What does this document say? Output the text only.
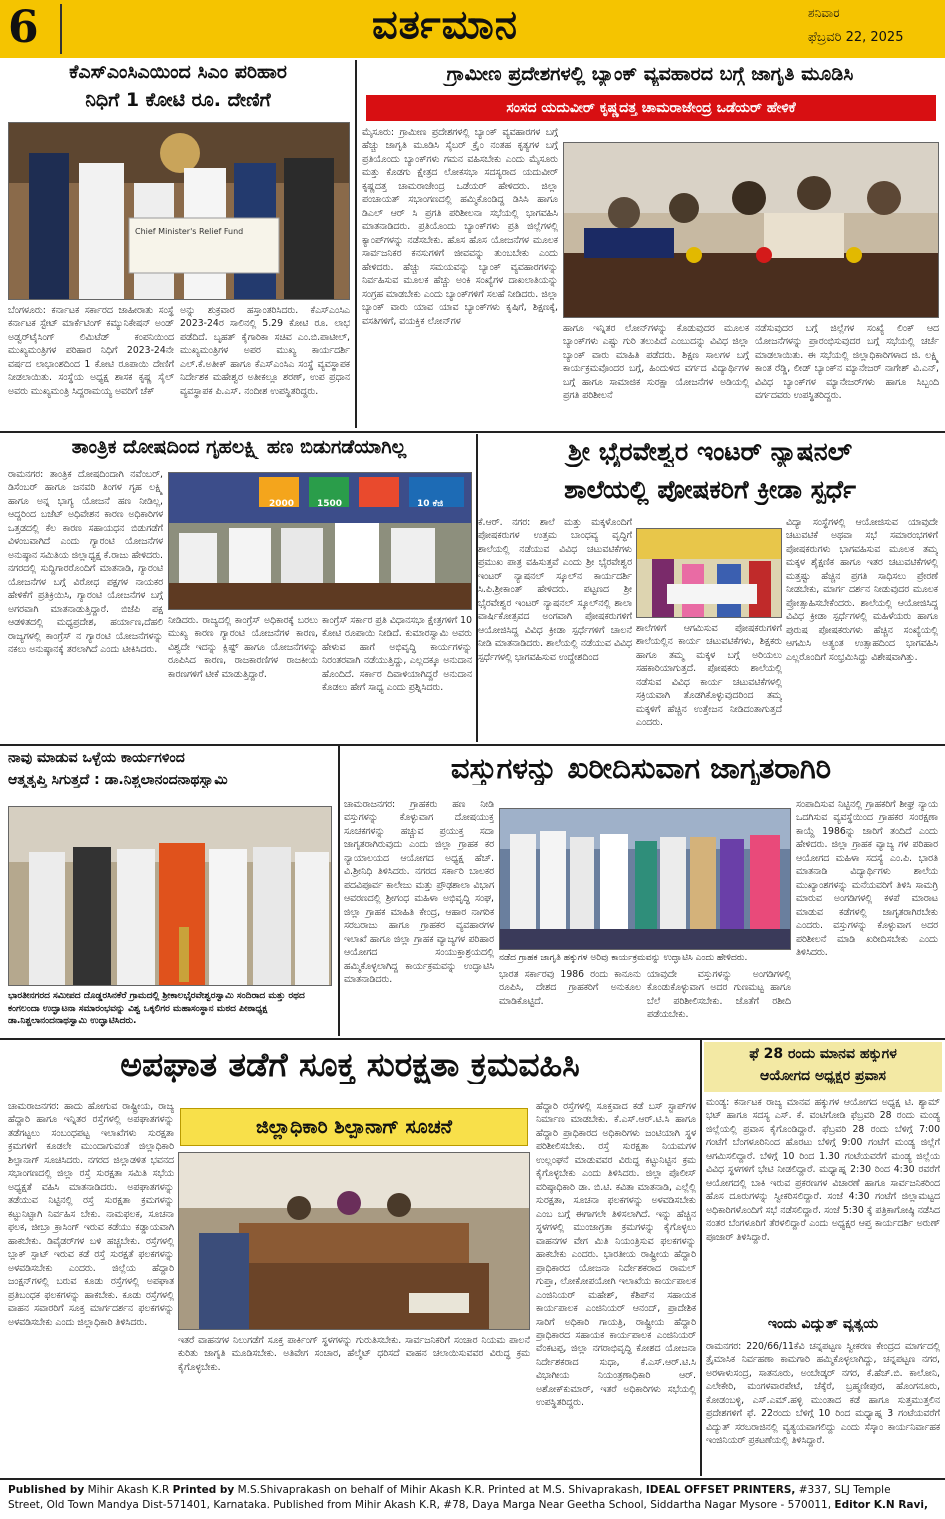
6	ವರ್ತಮಾನ	ಶನಿವಾರ
ಫೆಬ್ರವರಿ 22, 2025
ಕೆಎಸ್‌ಎಂಸಿಎಯಿಂದ ಸಿಎಂ ಪರಿಹಾರ
ನಿಧಿಗೆ 1 ಕೋಟಿ ರೂ. ದೇಣಿಗೆ
Chief Minister's Relief Fund
ಬೆಂಗಳೂರು: ಕರ್ನಾಟಕ ಸರ್ಕಾರದ ಜಾಹೀರಾತು ಸಂಸ್ಥೆ ಕರ್ನಾಟಕ ಸ್ಟೇಟ್ ಮಾರ್ಕೆಟಿಂಗ್ ಕಮ್ಯುನಿಕೇಷನ್ ಅಂಡ್ ಅಡ್ವರ್‌ಟೈಸಿಂಗ್ ಲಿಮಿಟೆಡ್ ಕಂಪನಿಯಿಂದ ಮುಖ್ಯಮಂತ್ರಿಗಳ ಪರಿಹಾರ ನಿಧಿಗೆ 2023-24ನೇ ವರ್ಷದ ಲಾಭಾಂಶದಿಂದ 1 ಕೋಟಿ ರೂಪಾಯಿ ದೇಣಿಗೆ ನೀಡಲಾಯಿತು. ಸಂಸ್ಥೆಯ ಅಧ್ಯಕ್ಷ ಶಾಸಕ ಕೃಷ್ಣ ಸೈಲ್ ಅವರು ಮುಖ್ಯಮಂತ್ರಿ ಸಿದ್ದರಾಮಯ್ಯ ಅವರಿಗೆ ಚೆಕ್
ಅನ್ನು ಶುಕ್ರವಾರ ಹಸ್ತಾಂತರಿಸಿದರು. ಕೆಎಸ್‌ಎಂಸಿಎ 2023-24ರ ಸಾಲಿನಲ್ಲಿ 5.29 ಕೋಟಿ ರೂ. ಲಾಭ ಪಡೆದಿದೆ. ಬೃಹತ್ ಕೈಗಾರಿಕಾ ಸಚಿವ ಎಂ.ಬಿ.ಪಾಟೀಲ್, ಮುಖ್ಯಮಂತ್ರಿಗಳ ಅಪರ ಮುಖ್ಯ ಕಾರ್ಯದರ್ಶಿ ಎಲ್.ಕೆ.ಅತೀಕ್ ಹಾಗೂ ಕೆಎಸ್‌ಎಂಸಿಎ ಸಂಸ್ಥೆ ವ್ಯವಸ್ಥಾಪಕ ನಿರ್ದೇಶಕ ಮಹೇಶ್ವರ ಅತೀಕಲ್ಲೂ ಶರಣ್, ಉಪ ಪ್ರಧಾನ ವ್ಯವಸ್ಥಾಪಕ ಪಿ.ಎಸ್. ನಂದೀಶ ಉಪಸ್ಥಿತರಿದ್ದರು.
ಗ್ರಾಮೀಣ ಪ್ರದೇಶಗಳಲ್ಲಿ ಬ್ಯಾಂಕ್ ವ್ಯವಹಾರದ ಬಗ್ಗೆ ಜಾಗೃತಿ ಮೂಡಿಸಿ
ಸಂಸದ ಯದುವೀರ್ ಕೃಷ್ಣದತ್ತ ಚಾಮರಾಜೇಂದ್ರ ಒಡೆಯರ್ ಹೇಳಿಕೆ
ಮೈಸೂರು: ಗ್ರಾಮೀಣ ಪ್ರದೇಶಗಳಲ್ಲಿ ಬ್ಯಾಂಕ್ ವ್ಯವಹಾರಗಳ ಬಗ್ಗೆ ಹೆಚ್ಚು ಜಾಗೃತಿ ಮೂಡಿಸಿ ಸೈಬರ್ ಕ್ರೈಂ ನಂತಹ ಕೃತ್ಯಗಳ ಬಗ್ಗೆ ಪ್ರತಿಯೊಂದು ಬ್ಯಾಂಕ್‌ಗಳು ಗಮನ ವಹಿಸಬೇಕು ಎಂದು ಮೈಸೂರು ಮತ್ತು ಕೊಡಗು ಕ್ಷೇತ್ರದ ಲೋಕಸಭಾ ಸದಸ್ಯರಾದ ಯದುವೀರ್ ಕೃಷ್ಣದತ್ತ ಚಾಮರಾಜೇಂದ್ರ ಒಡೆಯರ್ ಹೇಳಿದರು. ಜಿಲ್ಲಾ ಪಂಚಾಯತ್ ಸಭಾಂಗಣದಲ್ಲಿ ಹಮ್ಮಿಕೊಂಡಿದ್ದ ಡಿಸಿಸಿ ಹಾಗೂ ಡಿಎಲ್ ಆರ್ ಸಿ ಪ್ರಗತಿ ಪರಿಶೀಲನಾ ಸಭೆಯಲ್ಲಿ ಭಾಗವಹಿಸಿ ಮಾತನಾಡಿದರು. ಪ್ರತಿಯೊಂದು ಬ್ಯಾಂಕ್‌ಗಳು ಪ್ರತಿ ಜಿಲ್ಲೆಗಳಲ್ಲಿ ಕ್ಯಾಂಪ್‌ಗಳನ್ನು ನಡೆಸಬೇಕು. ಹೊಸ ಹೊಸ ಯೋಜನೆಗಳ ಮೂಲಕ ಸಾರ್ವಜನಿಕರ ಕನಸುಗಳಿಗೆ ಜೀವವನ್ನು ತುಂಬಬೇಕು ಎಂದು ಹೇಳಿದರು. ಹೆಚ್ಚು ಸಮಯವನ್ನು ಬ್ಯಾಂಕ್ ವ್ಯವಹಾರಗಳನ್ನು ನಿರ್ವಹಿಸುವ ಮೂಲಕ ಹೆಚ್ಚು ಅಂಕಿ ಸಂಖ್ಯೆಗಳ ದಾಖಲಾತಿಯನ್ನು ಸಂಗ್ರಹ ಮಾಡಬೇಕು ಎಂದು ಬ್ಯಾಂಕ್‌ಗಳಿಗೆ ಸಲಹೆ ನೀಡಿದರು. ಜಿಲ್ಲಾ ಬ್ಯಾಂಕ್ ವಾರು ಯಾವ ಯಾವ ಬ್ಯಾಂಕ್‌ಗಳು ಕೃಷಿಗೆ, ಶಿಕ್ಷಣಕ್ಕೆ, ವಸತಿಗಳಿಗೆ, ವಯಕ್ತಿಕ ಲೋನ್‌ಗಳ
ಹಾಗೂ ಇನ್ನಿತರ ಲೋನ್‌ಗಳನ್ನು ಕೊಡುವುದರ ಮೂಲಕ ಬ್ಯಾಂಕ್‌ಗಳು ಎಷ್ಟು ಗುರಿ ತಲುಪಿದೆ ಎಂಬುದನ್ನು ವಿವಿಧ ಜಿಲ್ಲಾ ಬ್ಯಾಂಕ್ ವಾರು ಮಾಹಿತಿ ಪಡೆದರು. ಶಿಕ್ಷಣ ಸಾಲಗಳ ಬಗ್ಗೆ ಕಾರ್ಯಕ್ರಮವೊಂದರ ಬಗ್ಗೆ, ಹಿಂದುಳಿದ ವರ್ಗದ ವಿದ್ಯಾರ್ಥಿಗಳ ಬಗ್ಗೆ ಹಾಗೂ ಸಾಮಾಜಿಕ ಸುರಕ್ಷಾ ಯೋಜನೆಗಳ ಅಡಿಯಲ್ಲಿ ಪ್ರಗತಿ ಪರಿಶೀಲನೆ
ನಡೆಸುವುದರ ಬಗ್ಗೆ ಜಿಲ್ಲೆಗಳ ಸಂಖ್ಯೆ ಲಿಂಕ್ ಆದ ಯೋಜನೆಗಳನ್ನು ಪ್ರಾರಂಭಿಸುವುದರ ಬಗ್ಗೆ ಸಭೆಯಲ್ಲಿ ಚರ್ಚೆ ಮಾಡಲಾಯಿತು. ಈ ಸಭೆಯಲ್ಲಿ ಜಿಲ್ಲಾಧಿಕಾರಿಗಳಾದ ಜಿ. ಲಕ್ಷ್ಮಿ ಕಾಂತ ರೆಡ್ಡಿ, ಲೀಡ್ ಬ್ಯಾಂಕ್‌ನ ಮ್ಯಾನೇಜರ್ ನಾಗೇಶ್ ವಿ.ಎನ್, ವಿವಿಧ ಬ್ಯಾಂಕ್‌ಗಳ ಮ್ಯಾನೇಜರ್‌ಗಳು ಹಾಗೂ ಸಿಬ್ಬಂದಿ ವರ್ಗದವರು ಉಪಸ್ಥಿತರಿದ್ದರು.
ತಾಂತ್ರಿಕ ದೋಷದಿಂದ ಗೃಹಲಕ್ಷ್ಮಿ ಹಣ ಬಿಡುಗಡೆಯಾಗಿಲ್ಲ
ರಾಮನಗರ: ತಾಂತ್ರಿಕ ದೋಷದಿಂದಾಗಿ ನವೆಂಬರ್, ಡಿಸೆಂಬರ್ ಹಾಗೂ ಜನವರಿ ತಿಂಗಳ ಗೃಹ ಲಕ್ಷ್ಮಿ ಹಾಗೂ ಅನ್ನ ಭಾಗ್ಯ ಯೋಜನೆ ಹಣ ನೀಡಿಲ್ಲ, ಆದ್ದರಿಂದ ಬಜೆಟ್ ಅಧಿವೇಶನ ಕಾರಣ ಅಧಿಕಾರಿಗಳ ಒತ್ತಡದಲ್ಲಿ ಕೆಲ ಕಾರಣ ಸಹಾಯಧನ ಬಿಡುಗಡೆಗೆ ವಿಳಂಬವಾಗಿದೆ ಎಂದು ಗ್ಯಾರಂಟಿ ಯೋಜನೆಗಳ ಅನುಷ್ಠಾನ ಸಮಿತಿಯ ಜಿಲ್ಲಾಧ್ಯಕ್ಷ ಕೆ.ರಾಜು ಹೇಳಿದರು. ನಗರದಲ್ಲಿ ಸುದ್ದಿಗಾರರೊಂದಿಗೆ ಮಾತನಾಡಿ, ಗ್ಯಾರಂಟಿ ಯೋಜನೆಗಳ ಬಗ್ಗೆ ವಿರೋಧ ಪಕ್ಷಗಳ ನಾಯಕರ ಹೇಳಿಕೆಗೆ ಪ್ರತಿಕ್ರಿಯಿಸಿ, ಗ್ಯಾರಂಟಿ ಯೋಜನೆಗಳ ಬಗ್ಗೆ ಅಗರವಾಗಿ ಮಾತನಾಡುತ್ತಿದ್ದಾರೆ. ಬಿಜೆಪಿ ಪಕ್ಷ ಆಡಳಿತದಲ್ಲಿ ಮಧ್ಯಪ್ರದೇಶ, ಹರ್ಯಾಣ,ದೆಹಲಿ ರಾಜ್ಯಗಳಲ್ಲಿ ಕಾಂಗ್ರೆಸ್ ನ ಗ್ಯಾರಂಟಿ ಯೋಜನೆಗಳನ್ನು ನಕಲು ಅನುಷ್ಠಾನಕ್ಕೆ ತರಲಾಗಿದೆ ಎಂದು ಟೀಕಿಸಿದರು.
2000	1500	10 ಕೆಜಿ
ನೀಡಿದರು. ರಾಜ್ಯದಲ್ಲಿ ಕಾಂಗ್ರೆಸ್ ಅಧಿಕಾರಕ್ಕೆ ಬರಲು ಮುಖ್ಯ ಕಾರಣ ಗ್ಯಾರಂಟಿ ಯೋಜನೆಗಳ ಕಾರಣ, ವಿಶ್ವದೇ ಇದನ್ನು ಕ್ಲಿಷ್ಟ್ ಹಾಗೂ ಯೋಜನೆಗಳನ್ನು ರೂಪಿಸಿದ ಕಾರಣ, ರಾಜಕಾರಣಿಗಳ ರಾಜಕೀಯ ಕಾರಣಗಳಿಗೆ ಟೀಕೆ ಮಾಡುತ್ತಿದ್ದಾರೆ.
ಕಾಂಗ್ರೆಸ್ ಸರ್ಕಾರ ಪ್ರತಿ ವಿಧಾನಸಭಾ ಕ್ಷೇತ್ರಗಳಿಗೆ 10 ಕೋಟಿ ರೂಪಾಯಿ ನೀಡಿದೆ. ಕುಮಾರಸ್ವಾಮಿ ಅವರು ಹೇಳುವ ಹಾಗೆ ಅಭಿವೃದ್ಧಿ ಕಾರ್ಯಗಳನ್ನು ನಿರಂತರವಾಗಿ ನಡೆಯುತ್ತಿದ್ದು, ಎಲ್ಲದಕ್ಕೂ ಅನುದಾನ ಹೊಂದಿದೆ. ಸರ್ಕಾರ ದಿವಾಳಿಯಾಗಿದ್ದರೆ ಅನುದಾನ ಕೊಡಲು ಹೇಗೆ ಸಾಧ್ಯ ಎಂದು ಪ್ರಶ್ನಿಸಿದರು.
ಶ್ರೀ ಭೈರವೇಶ್ವರ ಇಂಟರ್ ನ್ಯಾಷನಲ್
ಶಾಲೆಯಲ್ಲಿ ಪೋಷಕರಿಗೆ ಕ್ರೀಡಾ ಸ್ಪರ್ಧೆ
ಕೆ.ಆರ್. ನಗರ: ಶಾಲೆ ಮತ್ತು ಮಕ್ಕಳೊಂದಿಗೆ ಪೋಷಕರುಗಳ ಉತ್ತಮ ಬಾಂಧವ್ಯ ವೃದ್ಧಿಗೆ ಶಾಲೆಯಲ್ಲಿ ನಡೆಯುವ ವಿವಿಧ ಚಟುವಟಿಕೆಗಳು ಪ್ರಮುಖ ಪಾತ್ರ ವಹಿಸುತ್ತವೆ ಎಂದು ಶ್ರೀ ಭೈರವೇಶ್ವರ ಇಂಟರ್ ನ್ಯಾಷನಲ್ ಸ್ಕೂಲ್‌ನ ಕಾರ್ಯದರ್ಶಿ ಸಿ.ಪಿ.ಶ್ರೀಕಾಂತ್ ಹೇಳಿದರು. ಪಟ್ಟಣದ ಶ್ರೀ ಭೈರವೇಶ್ವರ ಇಂಟರ್ ನ್ಯಾಷನಲ್ ಸ್ಕೂಲ್‌ನಲ್ಲಿ ಶಾಲಾ ವಾರ್ಷಿಕೋತ್ಸವದ ಅಂಗವಾಗಿ ಪೋಷಕರುಗಳಿಗೆ ಆಯೋಜಿಸಿದ್ದ ವಿವಿಧ ಕ್ರೀಡಾ ಸ್ಪರ್ಧೆಗಳಿಗೆ ಚಾಲನೆ ನೀಡಿ ಮಾತನಾಡಿದರು. ಶಾಲೆಯಲ್ಲಿ ನಡೆಯುವ ವಿವಿಧ ಸ್ಪರ್ಧೆಗಳಲ್ಲಿ ಭಾಗವಹಿಸುವ ಉದ್ದೇಶದಿಂದ
ಶಾಲೆಗಳಿಗೆ ಆಗಮಿಸುವ ಪೋಷಕರುಗಳಿಗೆ ಶಾಲೆಯಲ್ಲಿನ ಕಾರ್ಯ ಚಟುವಟಿಕೆಗಳು, ಶಿಕ್ಷಕರು ಹಾಗೂ ತಮ್ಮ ಮಕ್ಕಳ ಬಗ್ಗೆ ಅರಿಯಲು ಸಹಕಾರಿಯಾಗುತ್ತದೆ. ಪೋಷಕರು ಶಾಲೆಯಲ್ಲಿ ನಡೆಸುವ ವಿವಿಧ ಕಾರ್ಯ ಚಟುವಟಿಕೆಗಳಲ್ಲಿ ಸಕ್ರಿಯವಾಗಿ ತೊಡಗಿಕೊಳ್ಳುವುದರಿಂದ ತಮ್ಮ ಮಕ್ಕಳಿಗೆ ಹೆಚ್ಚಿನ ಉತ್ತೇಜನ ನೀಡಿದಂತಾಗುತ್ತದೆ ಎಂದರು.
ವಿದ್ಯಾ ಸಂಸ್ಥೆಗಳಲ್ಲಿ ಆಯೋಜಿಸುವ ಯಾವುದೇ ಚಟುವಟಿಕೆ ಅಥವಾ ಸಭೆ ಸಮಾರಂಭಗಳಿಗೆ ಪೋಷಕರುಗಳು ಭಾಗವಹಿಸುವ ಮೂಲಕ ತಮ್ಮ ಮಕ್ಕಳ ಶೈಕ್ಷಣಿಕ ಹಾಗೂ ಇತರ ಚಟುವಟಿಕೆಗಳಲ್ಲಿ ಮತ್ತಷ್ಟು ಹೆಚ್ಚಿನ ಪ್ರಗತಿ ಸಾಧಿಸಲು ಪ್ರೇರಣೆ ನೀಡಬೇಕು, ಮಾರ್ಗ ದರ್ಶನ ನೀಡುವುದರ ಮೂಲಕ ಪ್ರೋತ್ಸಾಹಿಸಬೇಕೆಂದರು. ಶಾಲೆಯಲ್ಲಿ ಆಯೋಜಿಸಿದ್ದ ವಿವಿಧ ಕ್ರೀಡಾ ಸ್ಪರ್ಧೆಗಳಲ್ಲಿ ಮಹಿಳೆಯರು ಹಾಗೂ ಪುರುಷ ಪೋಷಕರುಗಳು ಹೆಚ್ಚಿನ ಸಂಖ್ಯೆಯಲ್ಲಿ ಆಗಮಿಸಿ ಅತ್ಯಂತ ಉತ್ಸಾಹದಿಂದ ಭಾಗವಹಿಸಿ ಎಲ್ಲರೊಂದಿಗೆ ಸಂಭ್ರಮಿಸಿದ್ದು ವಿಶೇಷವಾಗಿತ್ತು.
ನಾವು ಮಾಡುವ ಒಳ್ಳೆಯ ಕಾರ್ಯಗಳಿಂದ
ಆತ್ಮತೃಪ್ತಿ ಸಿಗುತ್ತದೆ : ಡಾ.ನಿಶ್ಚಲಾನಂದನಾಥಸ್ವಾಮಿ
ಭಾರತೀನಗರದ ಸಮೀಪದ ದೊಡ್ಡರಸಿನಕೆರೆ ಗ್ರಾಮದಲ್ಲಿ ಶ್ರೀಕಾಲಭೈರವೇಶ್ವರಸ್ವಾಮಿ ಸಂದಿರಾದ ಮತ್ತು ರಥದ ಕಂಗಲಂದಾ ಉದ್ಘಾಟನಾ ಸಮಾರಂಭವನ್ನು ವಿಶ್ವ ಒಕ್ಕಲಿಗರ ಮಹಾಸಂಸ್ಥಾನ ಮಠದ ಪೀಠಾಧ್ಯಕ್ಷ ಡಾ.ನಿಶ್ಚಲಾನಂದನಾಥಸ್ವಾಮಿ ಉದ್ಘಾಟಿಸಿದರು.
ವಸ್ತುಗಳನ್ನು ಖರೀದಿಸುವಾಗ ಜಾಗೃತರಾಗಿರಿ
ಚಾಮರಾಜನಗರ: ಗ್ರಾಹಕರು ಹಣ ನೀಡಿ ವಸ್ತುಗಳನ್ನು ಕೊಳ್ಳುವಾಗ ದೋಷಯುಕ್ತ ಸೂಚಕಗಳನ್ನು ಹಚ್ಚುವ ಪ್ರಯುಕ್ತ ಸದಾ ಜಾಗೃತರಾಗಿರುವುದು ಎಂದು ಜಿಲ್ಲಾ ಗ್ರಾಹಕ ಕರ ನ್ಯಾಯಾಲಯದ ಆಯೋಗದ ಅಧ್ಯಕ್ಷ ಹೆಚ್. ವಿ.ಶ್ರೀನಿಧಿ ತಿಳಿಸಿದರು. ನಗರದ ಸರ್ಕಾರಿ ಬಾಲಕರ ಪದವಿಪೂರ್ವ ಕಾಲೇಜು ಮತ್ತು ಪ್ರೌಢಶಾಲಾ ವಿಭಾಗ ಆವರಣದಲ್ಲಿ ಶ್ರೀಗಂಧ ಮಹಿಳಾ ಅಭಿವೃದ್ಧಿ ಸಂಘ, ಜಿಲ್ಲಾ ಗ್ರಾಹಕ ಮಾಹಿತಿ ಕೇಂದ್ರ, ಆಹಾರ ನಾಗರಿಕ ಸರಬರಾಜು ಹಾಗೂ ಗ್ರಾಹಕರ ವ್ಯವಹಾರಗಳ ಇಲಾಖೆ ಹಾಗೂ ಜಿಲ್ಲಾ ಗ್ರಾಹಕ ವ್ಯಾಜ್ಯಗಳ ಪರಿಹಾರ ಆಯೋಗದ ಸಂಯುಕ್ತಾಶ್ರಯದಲ್ಲಿ ಹಮ್ಮಿಕೊಳ್ಳಲಾಗಿದ್ದ ಕಾರ್ಯಕ್ರಮವನ್ನು ಉದ್ಘಾಟಿಸಿ ಮಾತನಾಡಿದರು.
ನಡೆದ ಗ್ರಾಹಕ ಜಾಗೃತಿ ಹಕ್ಕುಗಳ ಅರಿವು ಕಾರ್ಯಕ್ರಮವನ್ನು ಉದ್ಘಾಟಿಸಿ ಎಂದು ಹೇಳಿದರು.
ಭಾರತ ಸರ್ಕಾರವು 1986 ರಂದು ಕಾನೂನು ರೂಪಿಸಿ, ದೇಶದ ಗ್ರಾಹಕರಿಗೆ ಅನುಕೂಲ ಮಾಡಿಕೊಟ್ಟಿದೆ.
ಯಾವುದೇ ವಸ್ತುಗಳನ್ನು ಅಂಗಡಿಗಳಲ್ಲಿ ಕೊಂಡುಕೊಳ್ಳುವಾಗ ಅದರ ಗುಣಮಟ್ಟ ಹಾಗೂ ಬೆಲೆ ಪರಿಶೀಲಿಸಬೇಕು. ಜೊತೆಗೆ ರಶೀದಿ ಪಡೆಯಬೇಕು.
ಸಂಪಾದಿಸುವ ನಿಟ್ಟಿನಲ್ಲಿ ಗ್ರಾಹಕರಿಗೆ ಶೀಘ್ರ ನ್ಯಾಯ ಒದಗಿಸುವ ವ್ಯವಸ್ಥೆಯಿಂದ ಗ್ರಾಹಕರ ಸಂರಕ್ಷಣಾ ಕಾಯ್ದೆ 1986ನ್ನು ಜಾರಿಗೆ ತಂದಿದೆ ಎಂದು ಹೇಳಿದರು. ಜಿಲ್ಲಾ ಗ್ರಾಹಕ ವ್ಯಾಜ್ಯ ಗಳ ಪರಿಹಾರ ಆಯೋಗದ ಮಹಿಳಾ ಸದಸ್ಯೆ ಎಂ.ಪಿ. ಭಾರತಿ ಮಾತನಾಡಿ ವಿದ್ಯಾರ್ಥಿಗಳು ಶಾಲೆಯ ಮುಖ್ಯಾಂಶಗಳನ್ನು ಮನೆಯವರಿಗೆ ತಿಳಿಸಿ ಸಾಮಗ್ರಿ ಮಾರುವ ಅಂಗಡಿಗಳಲ್ಲಿ ಕಳಪೆ ಮಾರಾಟ ಮಾಡುವ ಕಡೆಗಳಲ್ಲಿ ಜಾಗೃತರಾಗಿರಬೇಕು ಎಂದರು. ವಸ್ತುಗಳನ್ನು ಕೊಳ್ಳುವಾಗ ಅದರ ಪರಿಶೀಲನೆ ಮಾಡಿ ಖರೀದಿಸಬೇಕು ಎಂದು ತಿಳಿಸಿದರು.
ಅಪಘಾತ ತಡೆಗೆ ಸೂಕ್ತ ಸುರಕ್ಷತಾ ಕ್ರಮವಹಿಸಿ
ಚಾಮರಾಜನಗರ: ಹಾದು ಹೋಗುವ ರಾಷ್ಟ್ರೀಯ, ರಾಜ್ಯ ಹೆದ್ದಾರಿ ಹಾಗೂ ಇನ್ನಿತರ ರಸ್ತೆಗಳಲ್ಲಿ ಅಪಘಾತಗಳನ್ನು ತಡೆಗಟ್ಟಲು ಸಂಬಂಧಪಟ್ಟ ಇಲಾಖೆಗಳು ಸುರಕ್ಷತಾ ಕ್ರಮಗಳಿಗೆ ಕೂಡಲೇ ಮುಂದಾಗುವಂತೆ ಜಿಲ್ಲಾಧಿಕಾರಿ ಶಿಲ್ಪಾನಾಗ್ ಸೂಚಿಸಿದರು. ನಗರದ ಜಿಲ್ಲಾಡಳಿತ ಭವನದ ಸಭಾಂಗಣದಲ್ಲಿ ಜಿಲ್ಲಾ ರಸ್ತೆ ಸುರಕ್ಷತಾ ಸಮಿತಿ ಸಭೆಯ ಅಧ್ಯಕ್ಷತೆ ವಹಿಸಿ ಮಾತನಾಡಿದರು. ಅಪಘಾತಗಳನ್ನು ತಡೆಯುವ ನಿಟ್ಟಿನಲ್ಲಿ ರಸ್ತೆ ಸುರಕ್ಷತಾ ಕ್ರಮಗಳನ್ನು ಕಟ್ಟುನಿಟ್ಟಾಗಿ ನಿರ್ವಹಿಸ ಬೇಕು. ನಾಮಫಲಕ, ಸೂಚನಾ ಫಲಕ, ಜೀಬ್ರಾ ಕ್ರಾಸಿಂಗ್ ಇರುವ ಕಡೆಯು ಕಡ್ಡಾಯವಾಗಿ ಹಾಕಬೇಕು. ಡಿವೈಡರ್‌ಗಳ ಬಳಿ ಹಚ್ಚಬೇಕು. ರಸ್ತೆಗಳಲ್ಲಿ ಬ್ಲಾಕ್ ಸ್ಪಾಟ್ ಇರುವ ಕಡೆ ರಸ್ತೆ ಸುರಕ್ಷತೆ ಫಲಕಗಳನ್ನು ಅಳವಡಿಸಬೇಕು ಎಂದರು. ಜಿಲ್ಲೆಯ ಹೆದ್ದಾರಿ ಜಂಕ್ಷನ್‌ಗಳಲ್ಲಿ ಬರುವ ಕೂಡು ರಸ್ತೆಗಳಲ್ಲಿ ಅಪಘಾತ ಪ್ರತಿಬಂಧಕ ಫಲಕಗಳನ್ನು ಹಾಕಬೇಕು. ಕೂಡು ರಸ್ತೆಗಳಲ್ಲಿ ವಾಹನ ಸವಾರರಿಗೆ ಸೂಕ್ತ ಮಾರ್ಗದರ್ಶನ ಫಲಕಗಳನ್ನು ಅಳವಡಿಸಬೇಕು ಎಂದು ಜಿಲ್ಲಾಧಿಕಾರಿ ತಿಳಿಸಿದರು.
ಜಿಲ್ಲಾಧಿಕಾರಿ ಶಿಲ್ಪಾನಾಗ್ ಸೂಚನೆ
ಇತರೆ ವಾಹನಗಳ ನಿಲುಗಡೆಗೆ ಸೂಕ್ತ ಪಾರ್ಕಿಂಗ್ ಸ್ಥಳಗಳನ್ನು ಗುರುತಿಸಬೇಕು. ಸಾರ್ವಜನಿಕರಿಗೆ ಸಂಚಾರ ನಿಯಮ ಪಾಲನೆ ಕುರಿತು ಜಾಗೃತಿ ಮೂಡಿಸಬೇಕು. ಅತಿವೇಗ ಸಂಚಾರ, ಹೆಲ್ಮೆಟ್ ಧರಿಸದೆ ವಾಹನ ಚಲಾಯಿಸುವವರ ವಿರುದ್ಧ ಕ್ರಮ ಕೈಗೊಳ್ಳಬೇಕು.
ಹೆದ್ದಾರಿ ರಸ್ತೆಗಳಲ್ಲಿ ಸೂಕ್ತವಾದ ಕಡೆ ಬಸ್ ಸ್ಟಾಪ್‌ಗಳ ನಿರ್ಮಾಣ ಮಾಡಬೇಕು. ಕೆ.ಎಸ್.ಆರ್.ಟಿ.ಸಿ ಹಾಗೂ ಹೆದ್ದಾರಿ ಪ್ರಾಧಿಕಾರದ ಅಧಿಕಾರಿಗಳು ಜಂಟಿಯಾಗಿ ಸ್ಥಳ ಪರಿಶೀಲಿಸಬೇಕು. ರಸ್ತೆ ಸುರಕ್ಷತಾ ನಿಯಮಗಳ ಉಲ್ಲಂಘನೆ ಮಾಡುವವರ ವಿರುದ್ಧ ಕಟ್ಟುನಿಟ್ಟಿನ ಕ್ರಮ ಕೈಗೊಳ್ಳಬೇಕು ಎಂದು ತಿಳಿಸಿದರು. ಜಿಲ್ಲಾ ಪೊಲೀಸ್ ವರಿಷ್ಠಾಧಿಕಾರಿ ಡಾ. ಬಿ.ಟಿ. ಕವಿತಾ ಮಾತನಾಡಿ, ಎಲ್ಲೆಲ್ಲಿ ಸುರಕ್ಷತಾ, ಸೂಚನಾ ಫಲಕಗಳನ್ನು ಅಳವಡಿಸಬೇಕು ಎಂಬ ಬಗ್ಗೆ ಈಗಾಗಲೇ ತಿಳಿಸಲಾಗಿದೆ. ಇನ್ನು ಹೆಚ್ಚಿನ ಸ್ಥಳಗಳಲ್ಲಿ ಮುಂಜಾಗ್ರತಾ ಕ್ರಮಗಳನ್ನು ಕೈಗೊಳ್ಳಲು ವಾಹನಗಳ ವೇಗ ಮಿತಿ ನಿಯಂತ್ರಿಸುವ ಫಲಕಗಳನ್ನು ಹಾಕಬೇಕು ಎಂದರು. ಭಾರತೀಯ ರಾಷ್ಟ್ರೀಯ ಹೆದ್ದಾರಿ ಪ್ರಾಧಿಕಾರದ ಯೋಜನಾ ನಿರ್ದೇಶಕರಾದ ರಾಮಲ್ ಗುಪ್ತಾ, ಲೋಕೋಪಯೋಗಿ ಇಲಾಖೆಯ ಕಾರ್ಯಪಾಲಕ ಎಂಜಿನಿಯರ್ ಮಹೇಶ್, ಕೆಶಿಪ್‌ನ ಸಹಾಯಕ ಕಾರ್ಯಪಾಲಕ ಎಂಜಿನಿಯರ್ ಆನಂದ್, ಪ್ರಾದೇಶಿಕ ಸಾರಿಗೆ ಅಧಿಕಾರಿ ಗಾಯತ್ರಿ, ರಾಷ್ಟ್ರೀಯ ಹೆದ್ದಾರಿ ಪ್ರಾಧಿಕಾರದ ಸಹಾಯಕ ಕಾರ್ಯಪಾಲಕ ಎಂಜಿನಿಯರ್ ವೆಂಕಟಪ್ಪ, ಜಿಲ್ಲಾ ನಗರಾಭಿವೃದ್ಧಿ ಕೋಶದ ಯೋಜನಾ ನಿರ್ದೇಶಕರಾದ ಸುಧಾ, ಕೆ.ಎಸ್.ಆರ್.ಟಿ.ಸಿ ವಿಭಾಗೀಯ ನಿಯಂತ್ರಣಾಧಿಕಾರಿ ಆರ್. ಅಶೋಕ್‌ಕುಮಾರ್, ಇತರೆ ಅಧಿಕಾರಿಗಳು ಸಭೆಯಲ್ಲಿ ಉಪಸ್ಥಿತರಿದ್ದರು.
ಫೆ 28 ರಂದು ಮಾನವ ಹಕ್ಕುಗಳ
ಆಯೋಗದ ಅಧ್ಯಕ್ಷರ ಪ್ರವಾಸ
ಮಂಡ್ಯ: ಕರ್ನಾಟಕ ರಾಜ್ಯ ಮಾನವ ಹಕ್ಕುಗಳ ಆಯೋಗದ ಅಧ್ಯಕ್ಷ ಟಿ. ಶ್ಯಾಮ್ ಭಟ್ ಹಾಗೂ ಸದಸ್ಯ ಎಸ್. ಕೆ. ವಂಟಿಗೋಡಿ ಫೆಬ್ರವರಿ 28 ರಂದು ಮಂಡ್ಯ ಜಿಲ್ಲೆಯಲ್ಲಿ ಪ್ರವಾಸ ಕೈಗೊಂಡಿದ್ದಾರೆ. ಫೆಬ್ರವರಿ 28 ರಂದು ಬೆಳಿಗ್ಗೆ 7:00 ಗಂಟೆಗೆ ಬೆಂಗಳೂರಿನಿಂದ ಹೊರಟು ಬೆಳಿಗ್ಗೆ 9:00 ಗಂಟೆಗೆ ಮಂಡ್ಯ ಜಿಲ್ಲೆಗೆ ಆಗಮಿಸಲಿದ್ದಾರೆ. ಬೆಳಿಗ್ಗೆ 10 ರಿಂದ 1.30 ಗಂಟೆಯವರೆಗೆ ಮಂಡ್ಯ ಜಿಲ್ಲೆಯ ವಿವಿಧ ಸ್ಥಳಗಳಿಗೆ ಭೇಟಿ ನೀಡಲಿದ್ದಾರೆ. ಮಧ್ಯಾಹ್ನ 2:30 ರಿಂದ 4:30 ರವರೆಗೆ ಆಯೋಗದಲ್ಲಿ ಬಾಕಿ ಇರುವ ಪ್ರಕರಣಗಳ ವಿಚಾರಣೆ ಹಾಗೂ ಸಾರ್ವಜನಿಕರಿಂದ ಹೊಸ ದೂರುಗಳನ್ನು ಸ್ವೀಕರಿಸಲಿದ್ದಾರೆ. ಸಂಜೆ 4:30 ಗಂಟೆಗೆ ಜಿಲ್ಲಾಮಟ್ಟದ ಅಧಿಕಾರಿಗಳೊಂದಿಗೆ ಸಭೆ ನಡೆಸಲಿದ್ದಾರೆ. ಸಂಜೆ 5:30 ಕ್ಕೆ ಪತ್ರಿಕಾಗೋಷ್ಠಿ ನಡೆಸಿದ ನಂತರ ಬೆಂಗಳೂರಿಗೆ ತೆರಳಲಿದ್ದಾರೆ ಎಂದು ಅಧ್ಯಕ್ಷರ ಆಪ್ತ ಕಾರ್ಯದರ್ಶಿ ಅರುಣ್ ಪೂಜಾರ್ ತಿಳಿಸಿದ್ದಾರೆ.
ಇಂದು ವಿದ್ಯುತ್ ವ್ಯತ್ಯಯ
ರಾಮನಗರ: 220/66/11ಕೆವಿ ಚನ್ನಪಟ್ಟಣ ಸ್ವೀಕರಣ ಕೇಂದ್ರದ ಮಾರ್ಗದಲ್ಲಿ ತ್ರೈಮಾಸಿಕ ನಿರ್ವಹಣಾ ಕಾಮಗಾರಿ ಹಮ್ಮಿಕೊಳ್ಳಲಾಗಿದ್ದು, ಚನ್ನಪಟ್ಟಣ ನಗರ, ಅರಳಾಳುಸಂದ್ರ, ಸಾತನೂರು, ಅಂಬೇಡ್ಕರ್ ನಗರ, ಕೆ.ಹೆಚ್.ಬಿ. ಕಾಲೋನಿ, ಎಲೇಕೇರಿ, ಮಂಗಳವಾರಪೇಟೆ, ಚೆಕ್ಕೆರೆ, ಬ್ರಹ್ಮಣೀಪುರ, ಹೊಂಗನೂರು, ಕೋಡಂಬಳ್ಳಿ, ಎಸ್.ಎಮ್.ಹಳ್ಳಿ ಮುಂತಾದ ಕಡೆ ಹಾಗೂ ಸುತ್ತಮುತ್ತಲಿನ ಪ್ರದೇಶಗಳಿಗೆ ಫೆ. 22ರಂದು ಬೆಳಿಗ್ಗೆ 10 ರಿಂದ ಮಧ್ಯಾಹ್ನ 3 ಗಂಟೆಯವರೆಗೆ ವಿದ್ಯುತ್ ಸರಬರಾಜಿನಲ್ಲಿ ವ್ಯತ್ಯಯವಾಗಲಿದ್ದು ಎಂದು ಸೆಸ್ಕಾಂ ಕಾರ್ಯನಿರ್ವಾಹಕ ಇಂಜಿನಿಯರ್ ಪ್ರಕಟಣೆಯಲ್ಲಿ ತಿಳಿಸಿದ್ದಾರೆ.
Published by Mihir Akash K.R Printed by M.S.Shivaprakash on behalf of Mihir Akash K.R. Printed at M.S. Shivaprakash, IDEAL OFFSET PRINTERS, #337, SLJ Temple
Street, Old Town Mandya Dist-571401, Karnataka. Published from Mihir Akash K.R, #78, Daya Marga Near Geetha School, Siddartha Nagar Mysore - 570011, Editor K.N Ravi,
